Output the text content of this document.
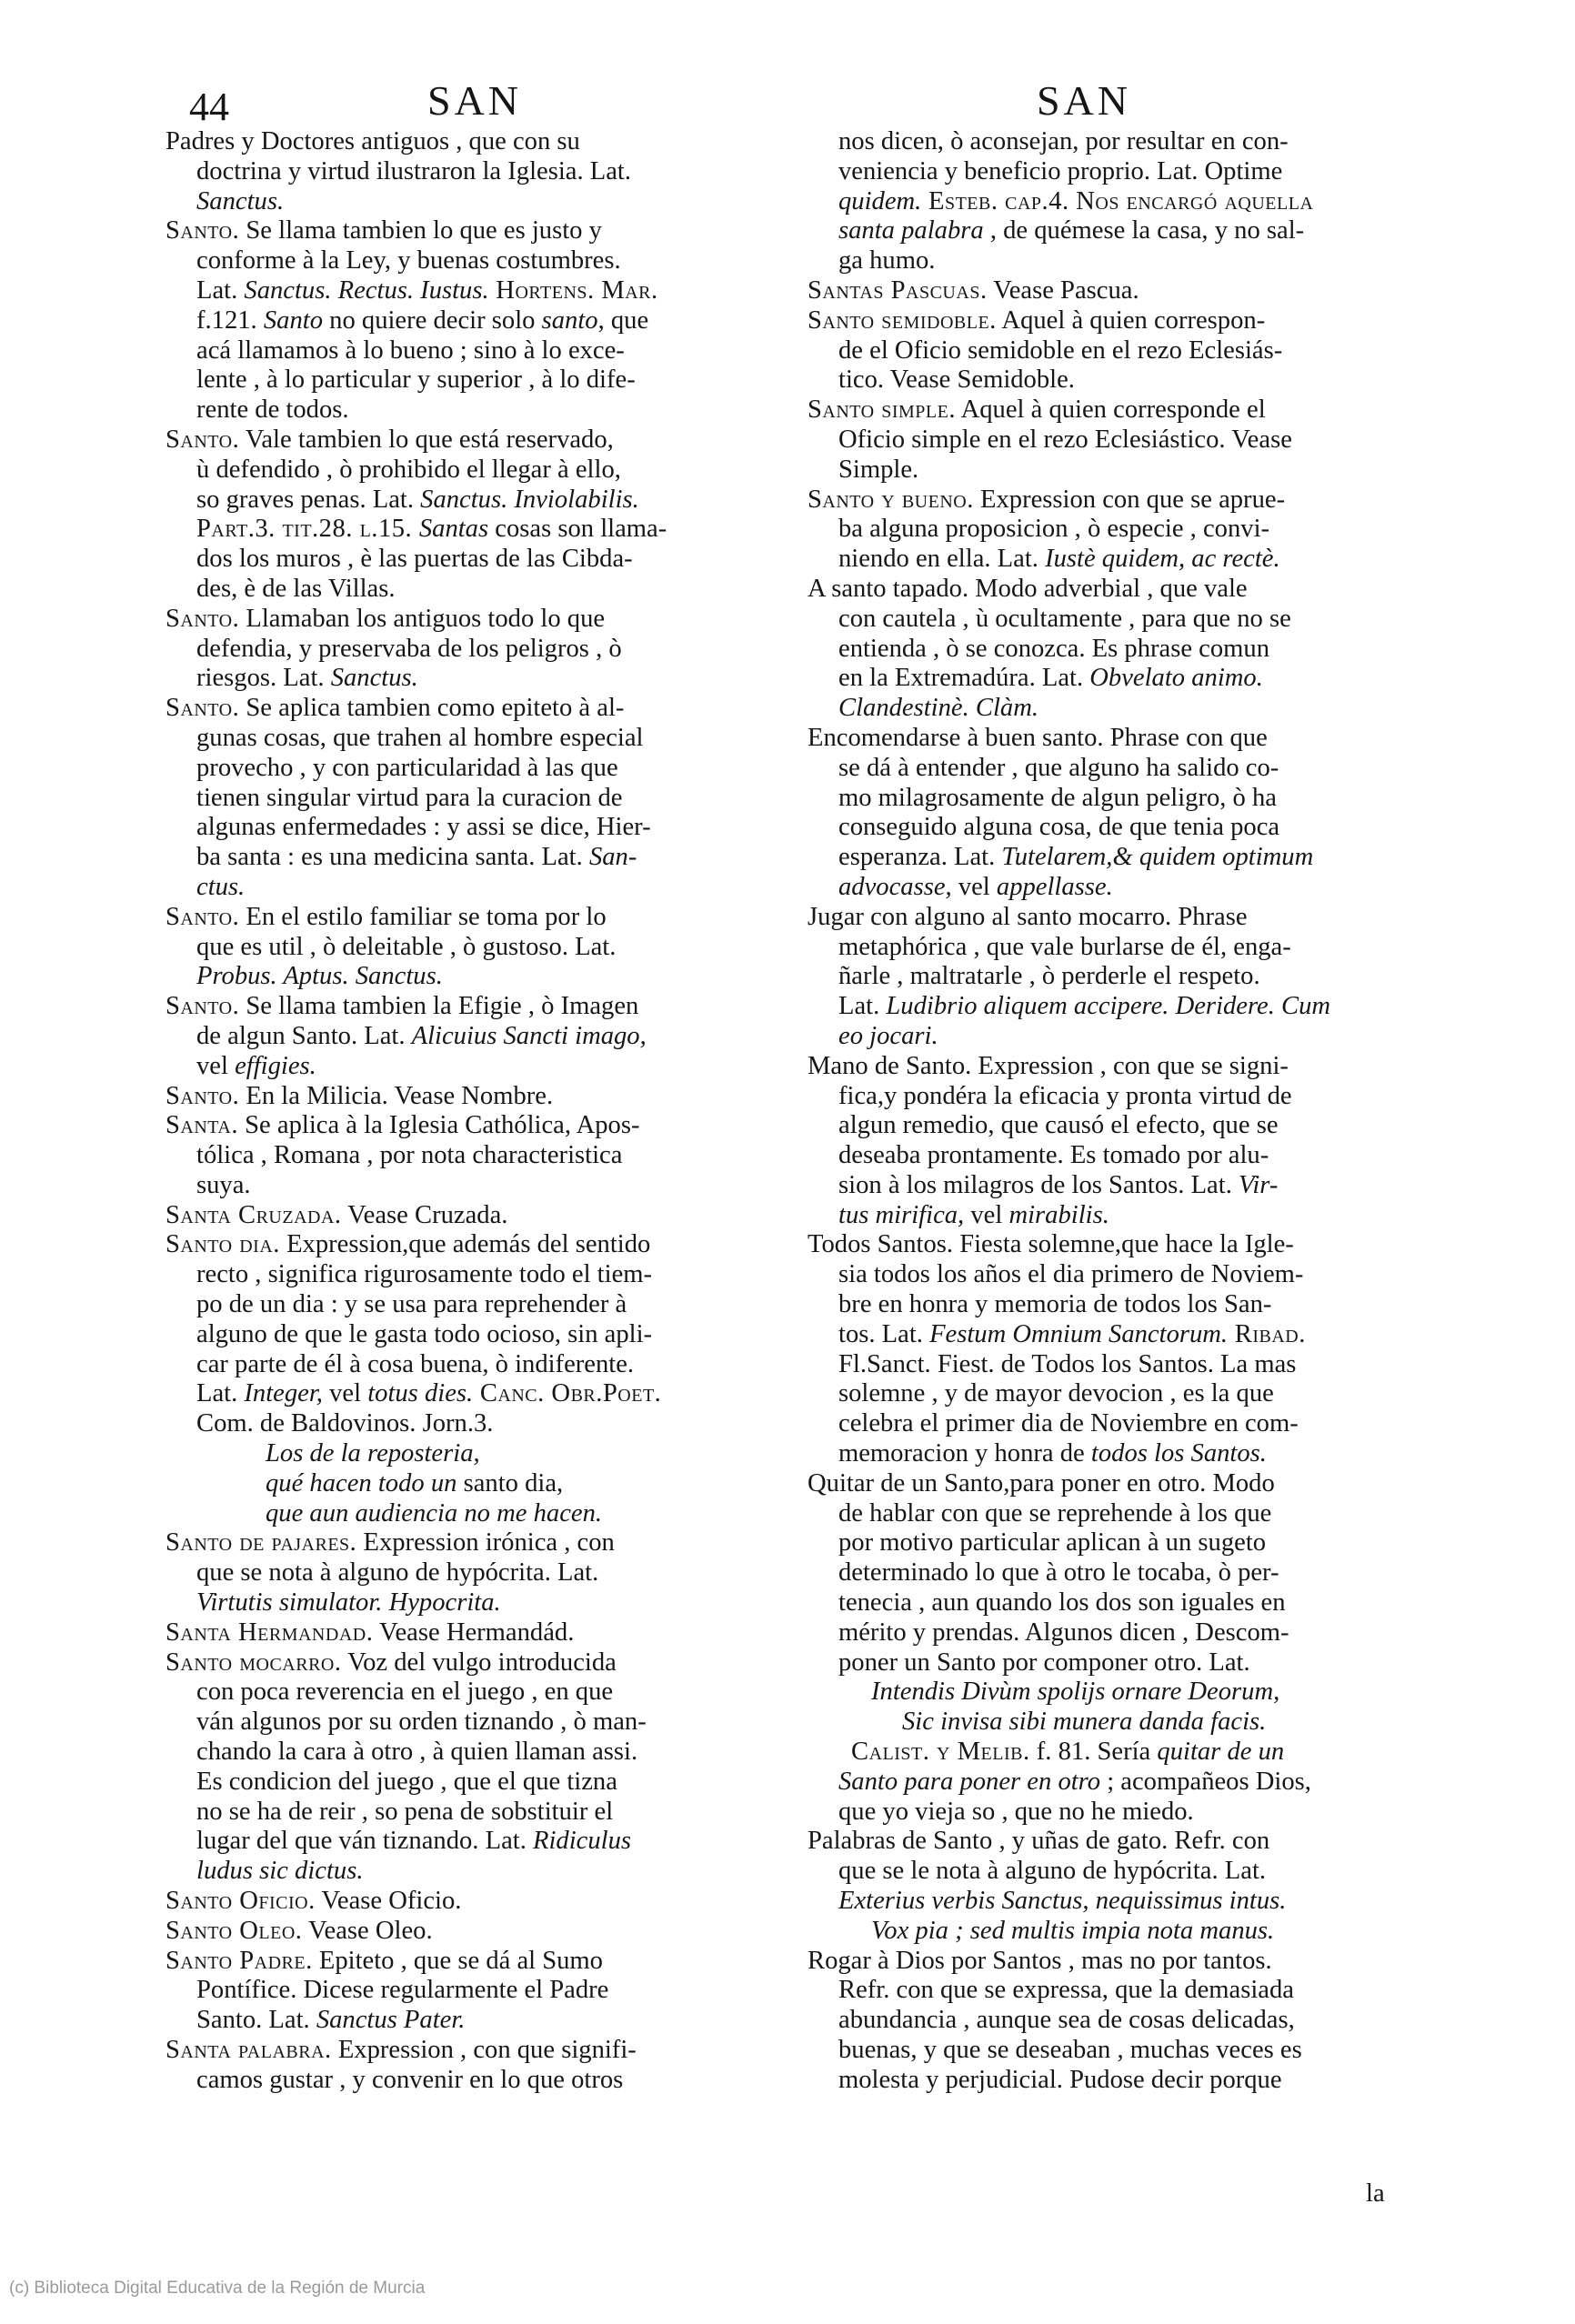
44	SAN	SAN

Padres y Doctores antiguos , que con su
doctrina y virtud ilustraron la Iglesia. Lat.
Sanctus.

Santo. Se llama tambien lo que es justo y
conforme à la Ley, y buenas costumbres.
Lat. Sanctus. Rectus. Iustus. Hortens. Mar.
f.121. Santo no quiere decir solo santo, que
acá llamamos à lo bueno ; sino à lo exce-
lente , à lo particular y superior , à lo dife-
rente de todos.

Santo. Vale tambien lo que está reservado,
ù defendido , ò prohibido el llegar à ello,
so graves penas. Lat. Sanctus. Inviolabilis.
Part.3. tit.28. l.15. Santas cosas son llama-
dos los muros , è las puertas de las Cibda-
des, è de las Villas.

Santo. Llamaban los antiguos todo lo que
defendia, y preservaba de los peligros , ò
riesgos. Lat. Sanctus.

Santo. Se aplica tambien como epiteto à al-
gunas cosas, que trahen al hombre especial
provecho , y con particularidad à las que
tienen singular virtud para la curacion de
algunas enfermedades : y assi se dice, Hier-
ba santa : es una medicina santa. Lat. San-
ctus.

Santo. En el estilo familiar se toma por lo
que es util , ò deleitable , ò gustoso. Lat.
Probus. Aptus. Sanctus.

Santo. Se llama tambien la Efigie , ò Imagen
de algun Santo. Lat. Alicuius Sancti imago,
vel effigies.

Santo. En la Milicia. Vease Nombre.

Santa. Se aplica à la Iglesia Cathólica, Apos-
tólica , Romana , por nota characteristica
suya.

Santa Cruzada. Vease Cruzada.

Santo dia. Expression,que además del sentido
recto , significa rigurosamente todo el tiem-
po de un dia : y se usa para reprehender à
alguno de que le gasta todo ocioso, sin apli-
car parte de él à cosa buena, ò indiferente.
Lat. Integer, vel totus dies. Canc. Obr.Poet.
Com. de Baldovinos. Jorn.3.

Los de la reposteria,
qué hacen todo un santo dia,
que aun audiencia no me hacen.

Santo de pajares. Expression irónica , con
que se nota à alguno de hypócrita. Lat.
Virtutis simulator. Hypocrita.

Santa Hermandad. Vease Hermandád.

Santo mocarro. Voz del vulgo introducida
con poca reverencia en el juego , en que
ván algunos por su orden tiznando , ò man-
chando la cara à otro , à quien llaman assi.
Es condicion del juego , que el que tizna
no se ha de reir , so pena de sobstituir el
lugar del que ván tiznando. Lat. Ridiculus
ludus sic dictus.

Santo Oficio. Vease Oficio.

Santo Oleo. Vease Oleo.

Santo Padre. Epiteto , que se dá al Sumo
Pontífice. Dicese regularmente el Padre
Santo. Lat. Sanctus Pater.

Santa palabra. Expression , con que signifi-
camos gustar , y convenir en lo que otros

nos dicen, ò aconsejan, por resultar en con-
veniencia y beneficio proprio. Lat. Optime
quidem. Esteb. cap.4. Nos encargó aquella
santa palabra , de quémese la casa, y no sal-
ga humo.

Santas Pascuas. Vease Pascua.

Santo semidoble. Aquel à quien correspon-
de el Oficio semidoble en el rezo Eclesiás-
tico. Vease Semidoble.

Santo simple. Aquel à quien corresponde el
Oficio simple en el rezo Eclesiástico. Vease
Simple.

Santo y bueno. Expression con que se aprue-
ba alguna proposicion , ò especie , convi-
niendo en ella. Lat. Iustè quidem, ac rectè.

A santo tapado. Modo adverbial , que vale
con cautela , ù ocultamente , para que no se
entienda , ò se conozca. Es phrase comun
en la Extremadúra. Lat. Obvelato animo.
Clandestinè. Clàm.

Encomendarse à buen santo. Phrase con que
se dá à entender , que alguno ha salido co-
mo milagrosamente de algun peligro, ò ha
conseguido alguna cosa, de que tenia poca
esperanza. Lat. Tutelarem,& quidem optimum
advocasse, vel appellasse.

Jugar con alguno al santo mocarro. Phrase
metaphórica , que vale burlarse de él, enga-
ñarle , maltratarle , ò perderle el respeto.
Lat. Ludibrio aliquem accipere. Deridere. Cum
eo jocari.

Mano de Santo. Expression , con que se signi-
fica,y pondéra la eficacia y pronta virtud de
algun remedio, que causó el efecto, que se
deseaba prontamente. Es tomado por alu-
sion à los milagros de los Santos. Lat. Vir-
tus mirifica, vel mirabilis.

Todos Santos. Fiesta solemne,que hace la Igle-
sia todos los años el dia primero de Noviem-
bre en honra y memoria de todos los San-
tos. Lat. Festum Omnium Sanctorum. Ribad.
Fl.Sanct. Fiest. de Todos los Santos. La mas
solemne , y de mayor devocion , es la que
celebra el primer dia de Noviembre en com-
memoracion y honra de todos los Santos.

Quitar de un Santo,para poner en otro. Modo
de hablar con que se reprehende à los que
por motivo particular aplican à un sugeto
determinado lo que à otro le tocaba, ò per-
tenecia , aun quando los dos son iguales en
mérito y prendas. Algunos dicen , Descom-
poner un Santo por componer otro. Lat.

Intendis Divùm spolijs ornare Deorum,
Sic invisa sibi munera danda facis.

Calist. y Melib. f. 81. Sería quitar de un
Santo para poner en otro ; acompañeos Dios,
que yo vieja so , que no he miedo.

Palabras de Santo , y uñas de gato. Refr. con
que se le nota à alguno de hypócrita. Lat.
Exterius verbis Sanctus, nequissimus intus.

Vox pia ; sed multis impia nota manus.

Rogar à Dios por Santos , mas no por tantos.
Refr. con que se expressa, que la demasiada
abundancia , aunque sea de cosas delicadas,
buenas, y que se deseaban , muchas veces es
molesta y perjudicial. Pudose decir porque

la
(c) Biblioteca Digital Educativa de la Región de Murcia
